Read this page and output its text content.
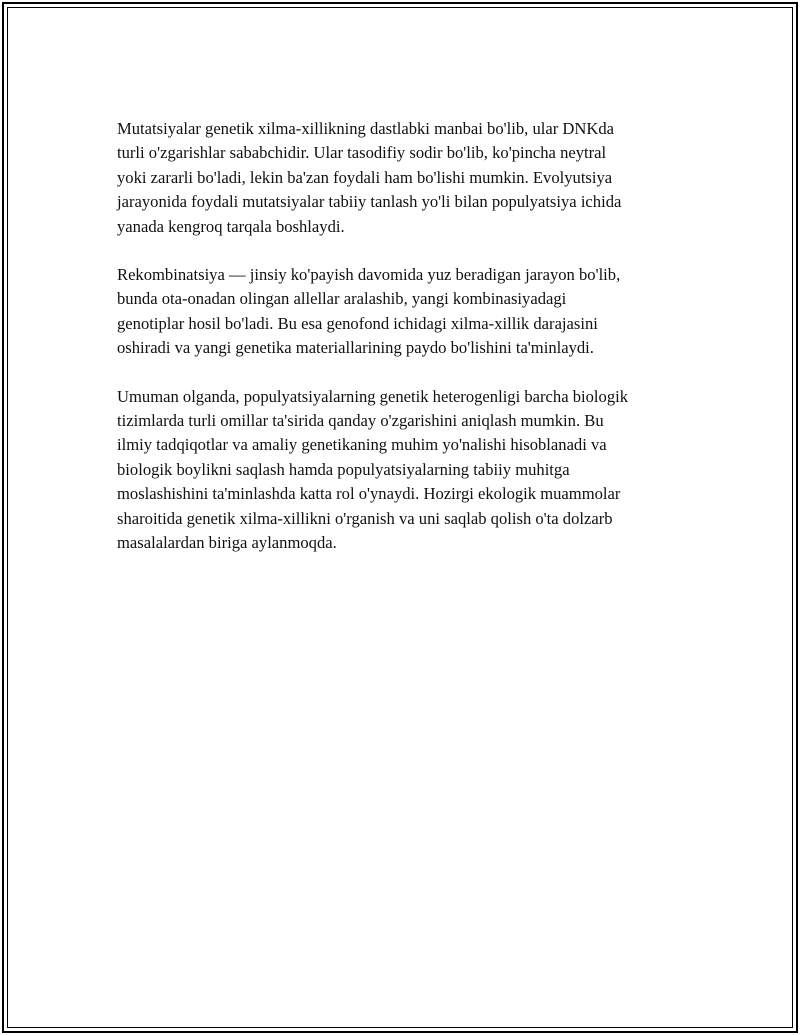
Mutatsiyalar genetik xilma-xillikning dastlabki manbai bo'lib, ular DNKda
turli o'zgarishlar sababchidir. Ular tasodifiy sodir bo'lib, ko'pincha neytral
yoki zararli bo'ladi, lekin ba'zan foydali ham bo'lishi mumkin. Evolyutsiya
jarayonida foydali mutatsiyalar tabiiy tanlash yo'li bilan populyatsiya ichida
yanada kengroq tarqala boshlaydi.

Rekombinatsiya — jinsiy ko'payish davomida yuz beradigan jarayon bo'lib,
bunda ota-onadan olingan allellar aralashib, yangi kombinasiyadagi
genotiplar hosil bo'ladi. Bu esa genofond ichidagi xilma-xillik darajasini
oshiradi va yangi genetika materiallarining paydo bo'lishini ta'minlaydi.

Umuman olganda, populyatsiyalarning genetik heterogenligi barcha biologik
tizimlarda turli omillar ta'sirida qanday o'zgarishini aniqlash mumkin. Bu
ilmiy tadqiqotlar va amaliy genetikaning muhim yo'nalishi hisoblanadi va
biologik boylikni saqlash hamda populyatsiyalarning tabiiy muhitga
moslashishini ta'minlashda katta rol o'ynaydi. Hozirgi ekologik muammolar
sharoitida genetik xilma-xillikni o'rganish va uni saqlab qolish o'ta dolzarb
masalalardan biriga aylanmoqda.
